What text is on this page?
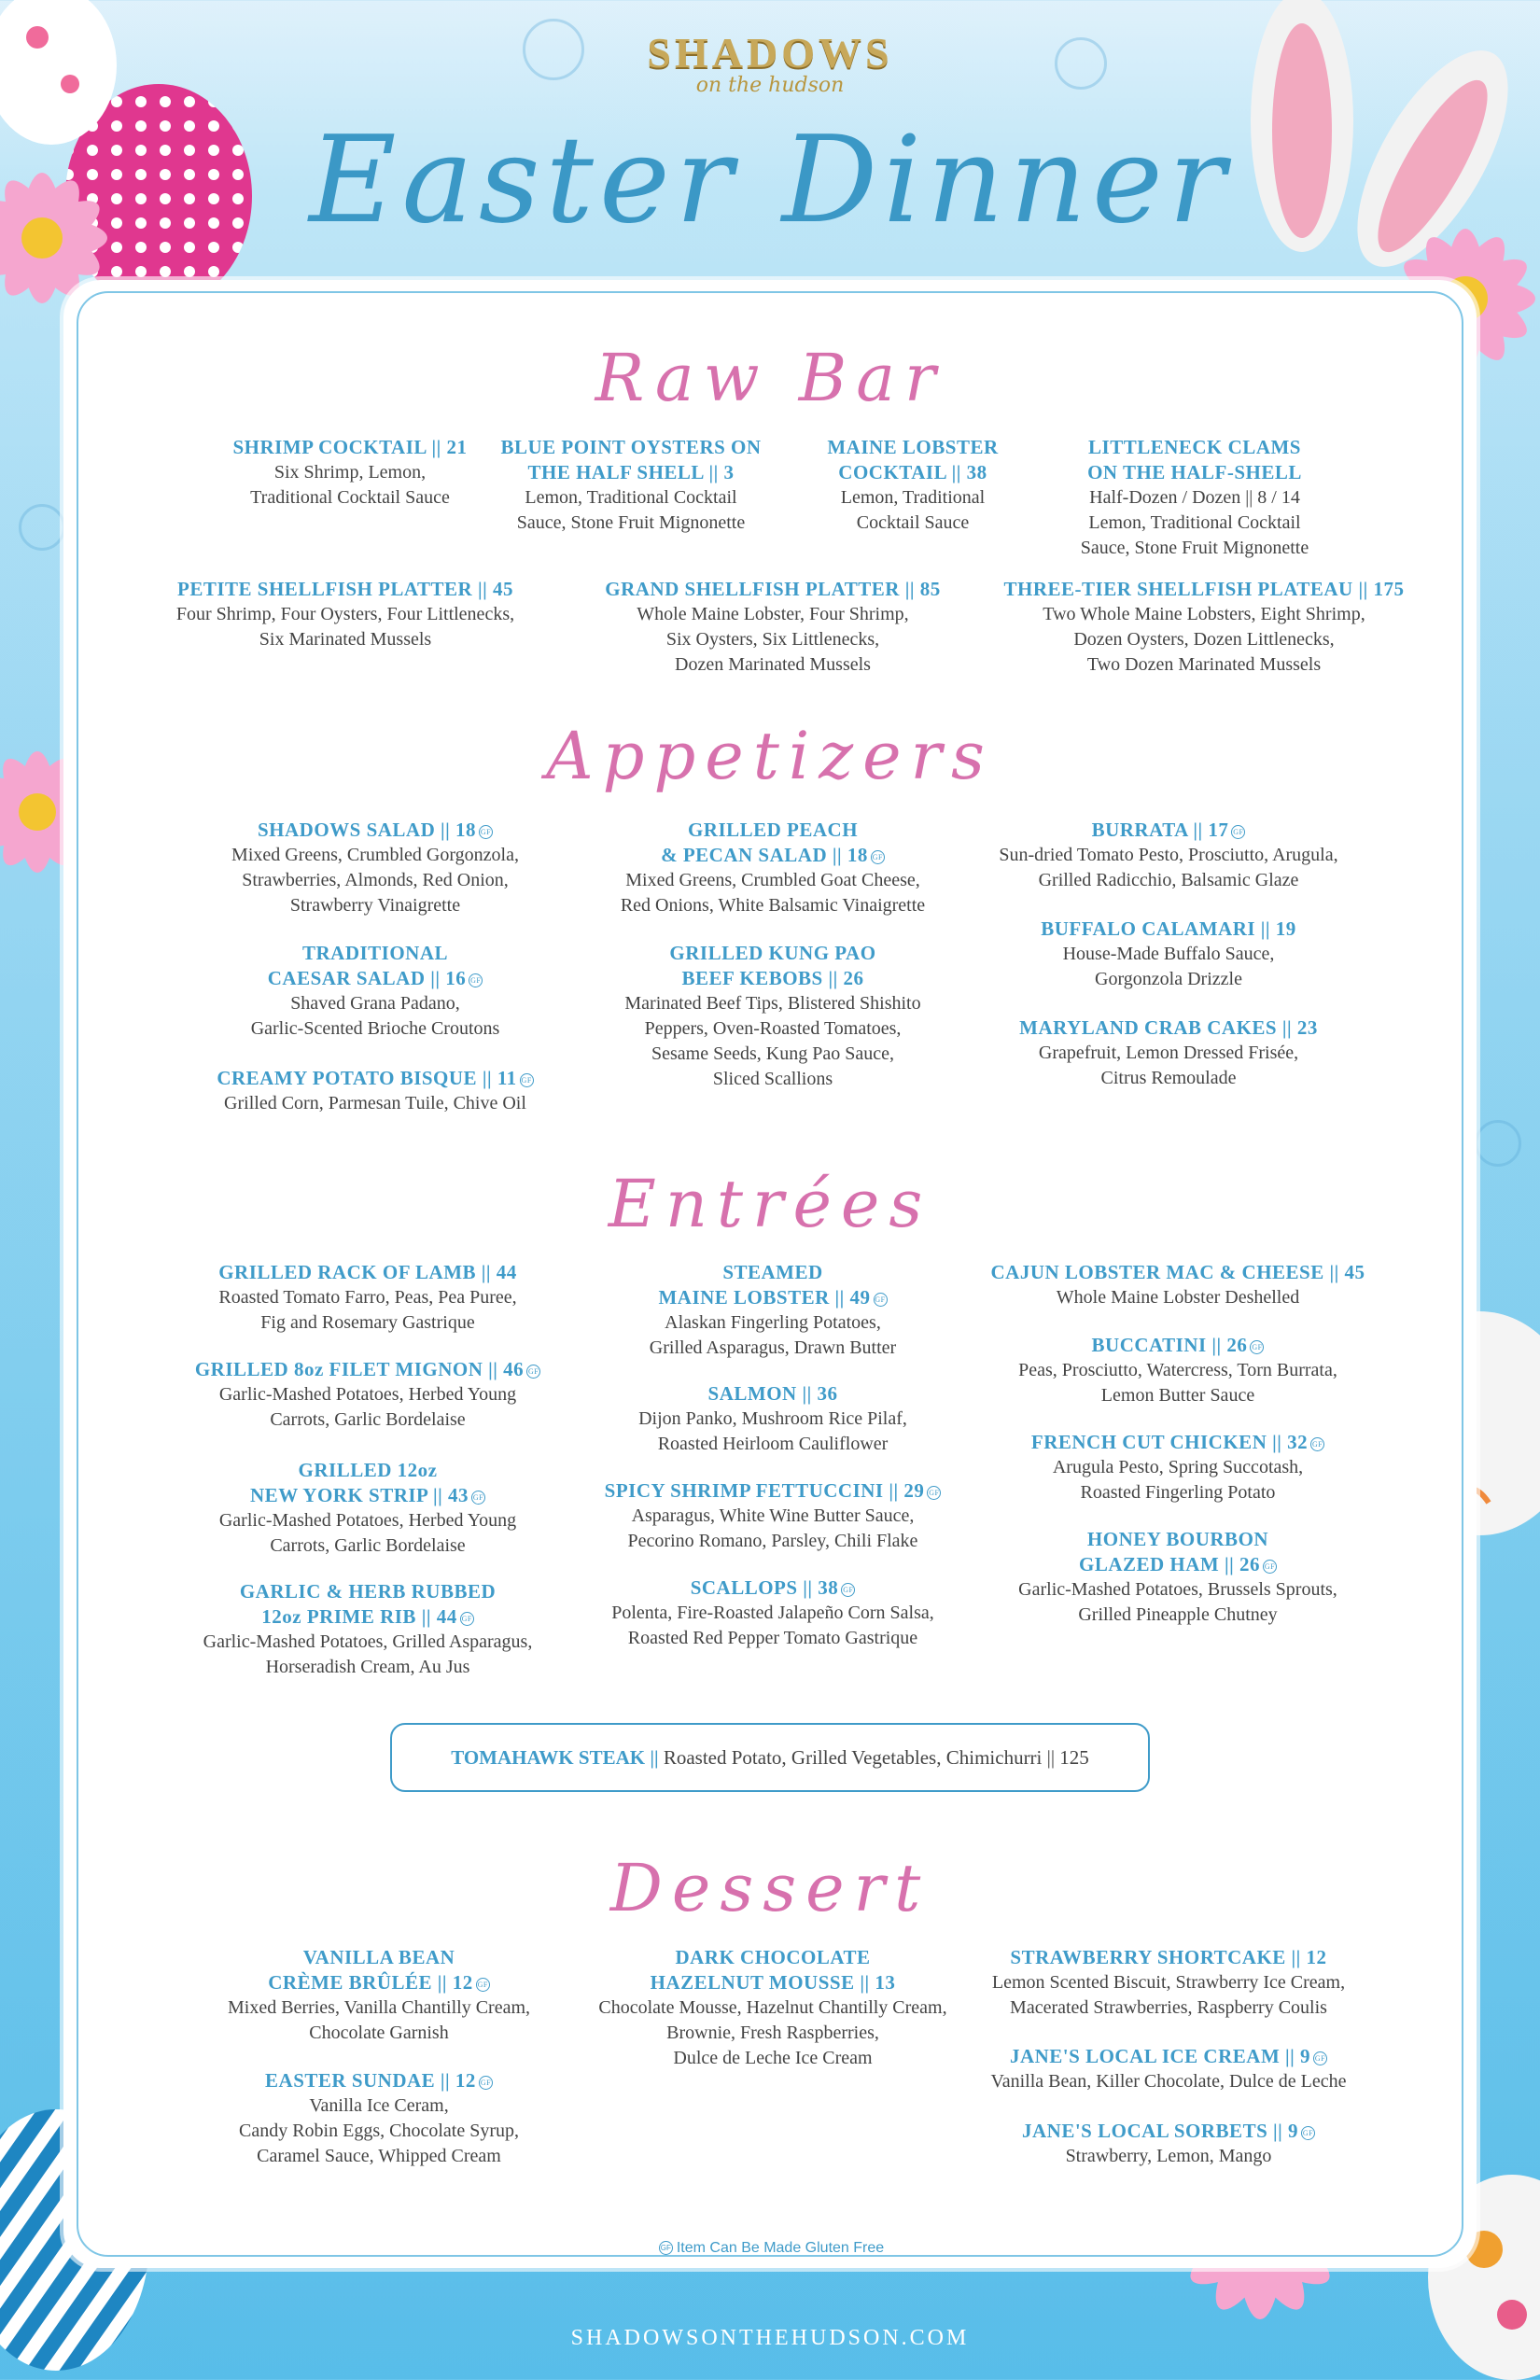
SHADOWS
on the hudson
Easter Dinner
Raw Bar
Appetizers
Entrées
Dessert
SHRIMP COCKTAIL || 21
Six Shrimp, Lemon,
Traditional Cocktail Sauce
BLUE POINT OYSTERS ON
THE HALF SHELL || 3
Lemon, Traditional Cocktail
Sauce, Stone Fruit Mignonette
MAINE LOBSTER
COCKTAIL || 38
Lemon, Traditional
Cocktail Sauce
LITTLENECK CLAMS
ON THE HALF-SHELL
Half-Dozen / Dozen || 8 / 14
Lemon, Traditional Cocktail
Sauce, Stone Fruit Mignonette
PETITE SHELLFISH PLATTER || 45
Four Shrimp, Four Oysters, Four Littlenecks,
Six Marinated Mussels
GRAND SHELLFISH PLATTER || 85
Whole Maine Lobster, Four Shrimp,
Six Oysters, Six Littlenecks,
Dozen Marinated Mussels
THREE-TIER SHELLFISH PLATEAU || 175
Two Whole Maine Lobsters, Eight Shrimp,
Dozen Oysters, Dozen Littlenecks,
Two Dozen Marinated Mussels
SHADOWS SALAD || 18 GF
Mixed Greens, Crumbled Gorgonzola,
Strawberries, Almonds, Red Onion,
Strawberry Vinaigrette
TRADITIONAL
CAESAR SALAD || 16 GF
Shaved Grana Padano,
Garlic-Scented Brioche Croutons
CREAMY POTATO BISQUE || 11 GF
Grilled Corn, Parmesan Tuile, Chive Oil
GRILLED PEACH
& PECAN SALAD || 18 GF
Mixed Greens, Crumbled Goat Cheese,
Red Onions, White Balsamic Vinaigrette
GRILLED KUNG PAO
BEEF KEBOBS || 26
Marinated Beef Tips, Blistered Shishito
Peppers, Oven-Roasted Tomatoes,
Sesame Seeds, Kung Pao Sauce,
Sliced Scallions
BURRATA || 17 GF
Sun-dried Tomato Pesto, Prosciutto, Arugula,
Grilled Radicchio, Balsamic Glaze
BUFFALO CALAMARI || 19
House-Made Buffalo Sauce,
Gorgonzola Drizzle
MARYLAND CRAB CAKES || 23
Grapefruit, Lemon Dressed Frisée,
Citrus Remoulade
GRILLED RACK OF LAMB || 44
Roasted Tomato Farro, Peas, Pea Puree,
Fig and Rosemary Gastrique
GRILLED 8oz FILET MIGNON || 46 GF
Garlic-Mashed Potatoes, Herbed Young
Carrots, Garlic Bordelaise
GRILLED 12oz
NEW YORK STRIP || 43 GF
Garlic-Mashed Potatoes, Herbed Young
Carrots, Garlic Bordelaise
GARLIC & HERB RUBBED
12oz PRIME RIB || 44 GF
Garlic-Mashed Potatoes, Grilled Asparagus,
Horseradish Cream, Au Jus
STEAMED
MAINE LOBSTER || 49 GF
Alaskan Fingerling Potatoes,
Grilled Asparagus, Drawn Butter
SALMON || 36
Dijon Panko, Mushroom Rice Pilaf,
Roasted Heirloom Cauliflower
SPICY SHRIMP FETTUCCINI || 29 GF
Asparagus, White Wine Butter Sauce,
Pecorino Romano, Parsley, Chili Flake
SCALLOPS || 38 GF
Polenta, Fire-Roasted Jalapeño Corn Salsa,
Roasted Red Pepper Tomato Gastrique
CAJUN LOBSTER MAC & CHEESE || 45
Whole Maine Lobster Deshelled
BUCCATINI || 26 GF
Peas, Prosciutto, Watercress, Torn Burrata,
Lemon Butter Sauce
FRENCH CUT CHICKEN || 32 GF
Arugula Pesto, Spring Succotash,
Roasted Fingerling Potato
HONEY BOURBON
GLAZED HAM || 26 GF
Garlic-Mashed Potatoes, Brussels Sprouts,
Grilled Pineapple Chutney
VANILLA BEAN
CRÈME BRÛLÉE || 12 GF
Mixed Berries, Vanilla Chantilly Cream,
Chocolate Garnish
EASTER SUNDAE || 12 GF
Vanilla Ice Ceram,
Candy Robin Eggs, Chocolate Syrup,
Caramel Sauce, Whipped Cream
DARK CHOCOLATE
HAZELNUT MOUSSE || 13
Chocolate Mousse, Hazelnut Chantilly Cream,
Brownie, Fresh Raspberries,
Dulce de Leche Ice Cream
STRAWBERRY SHORTCAKE || 12
Lemon Scented Biscuit, Strawberry Ice Cream,
Macerated Strawberries, Raspberry Coulis
JANE'S LOCAL ICE CREAM || 9 GF
Vanilla Bean, Killer Chocolate, Dulce de Leche
JANE'S LOCAL SORBETS || 9 GF
Strawberry, Lemon, Mango
TOMAHAWK STEAK || Roasted Potato, Grilled Vegetables, Chimichurri || 125
GF Item Can Be Made Gluten Free
SHADOWSONTHEHUDSON.COM
